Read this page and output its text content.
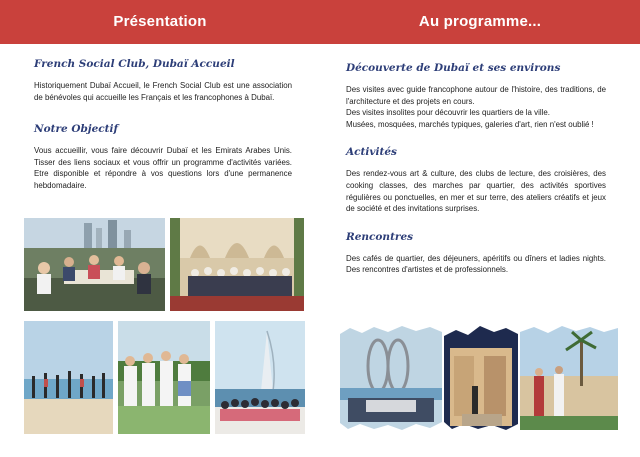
Présentation	Au programme...
French Social Club, Dubaï Accueil

Historiquement Dubaï Accueil, le French Social Club est une association de bénévoles qui accueille les Français et les francophones à Dubaï.

Notre Objectif

Vous accueillir, vous faire découvrir Dubaï et les Emirats Arabes Unis. Tisser des liens sociaux et vous offrir un programme d'activités variées. Etre disponible et répondre à vos questions lors d'une permanence hebdomadaire.

Découverte de Dubaï et ses environs

Des visites avec guide francophone autour de l'histoire, des traditions, de l'architecture et des projets en cours.

Des visites insolites pour découvrir les quartiers de la ville.

Musées, mosquées, marchés typiques, galeries d'art, rien n'est oublié !

Activités

Des rendez-vous art & culture, des clubs de lecture, des croisières, des cooking classes, des marches par quartier, des activités sportives régulières ou ponctuelles, en mer et sur terre, des ateliers créatifs et jeux de société et des invitations surprises.

Rencontres

Des cafés de quartier, des déjeuners, apéritifs ou dîners et ladies nights. Des rencontres d'artistes et de professionnels.
